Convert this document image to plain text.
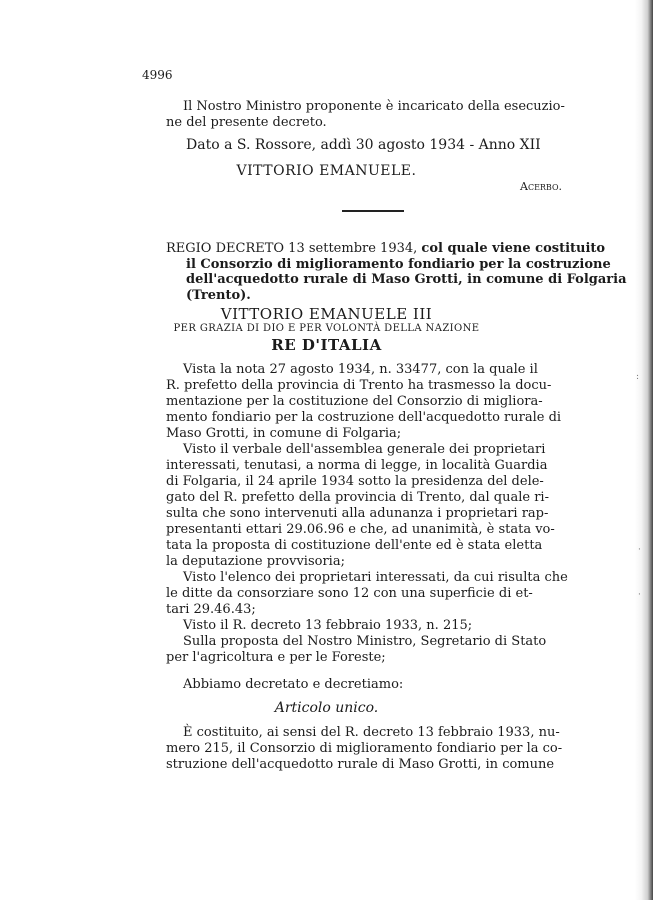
4996
Il Nostro Ministro proponente è incaricato della esecuzio-
ne del presente decreto.
Dato a S. Rossore, addì 30 agosto 1934 - Anno XII
VITTORIO EMANUELE.
Acerbo.
REGIO DECRETO 13 settembre 1934, col quale viene costituito
il Consorzio di miglioramento fondiario per la costruzione
dell'acquedotto rurale di Maso Grotti, in comune di Folgaria
(Trento).
VITTORIO EMANUELE III
PER GRAZIA DI DIO E PER VOLONTÀ DELLA NAZIONE
RE D'ITALIA
Vista la nota 27 agosto 1934, n. 33477, con la quale il
R. prefetto della provincia di Trento ha trasmesso la docu-
mentazione per la costituzione del Consorzio di migliora-
mento fondiario per la costruzione dell'acquedotto rurale di
Maso Grotti, in comune di Folgaria;
Visto il verbale dell'assemblea generale dei proprietari
interessati, tenutasi, a norma di legge, in località Guardia
di Folgaria, il 24 aprile 1934 sotto la presidenza del dele-
gato del R. prefetto della provincia di Trento, dal quale ri-
sulta che sono intervenuti alla adunanza i proprietari rap-
presentanti ettari 29.06.96 e che, ad unanimità, è stata vo-
tata la proposta di costituzione dell'ente ed è stata eletta
la deputazione provvisoria;
Visto l'elenco dei proprietari interessati, da cui risulta che
le ditte da consorziare sono 12 con una superficie di et-
tari 29.46.43;
Visto il R. decreto 13 febbraio 1933, n. 215;
Sulla proposta del Nostro Ministro, Segretario di Stato
per l'agricoltura e per le Foreste;
Abbiamo decretato e decretiamo:
Articolo unico.
È costituito, ai sensi del R. decreto 13 febbraio 1933, nu-
mero 215, il Consorzio di miglioramento fondiario per la co-
struzione dell'acquedotto rurale di Maso Grotti, in comune
:
·
·
